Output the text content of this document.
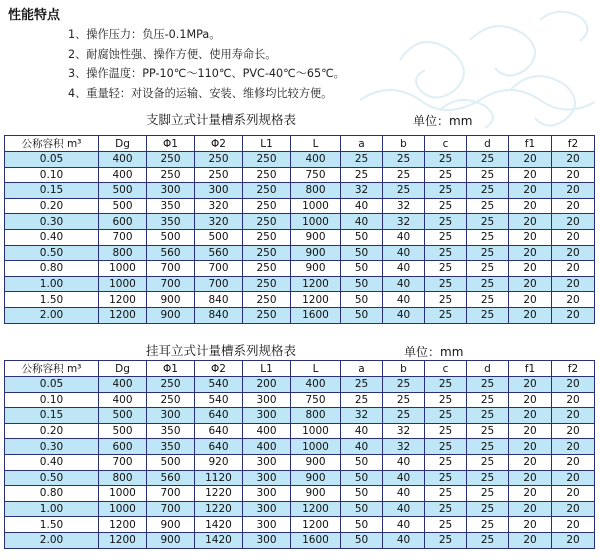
性能特点
1、操作压力：负压-0.1MPa。
2、耐腐蚀性强、操作方便、使用寿命长。
3、操作温度：PP-10℃～110℃、PVC-40℃～65℃。
4、重量轻：对设备的运输、安装、维修均比较方便。
支脚立式计量槽系列规格表	单位：mm
公称容积 m³	Dg	Φ1	Φ2	L1	L	a	b	c	d	f1	f2
0.05	400	250	250	250	400	25	25	25	25	20	20
0.10	400	250	250	250	750	25	25	25	25	20	20
0.15	500	300	300	250	800	32	25	25	25	20	20
0.20	500	350	320	250	1000	40	32	25	25	20	20
0.30	600	350	320	250	1000	40	32	25	25	20	20
0.40	700	500	500	250	900	50	40	25	25	20	20
0.50	800	560	560	250	900	50	40	25	25	20	20
0.80	1000	700	700	250	900	50	40	25	25	20	20
1.00	1000	700	700	250	1200	50	40	25	25	20	20
1.50	1200	900	840	250	1200	50	40	25	25	20	20
2.00	1200	900	840	250	1600	50	40	25	25	20	20
挂耳立式计量槽系列规格表	单位：mm
公称容积 m³	Dg	Φ1	Φ2	L1	L	a	b	c	d	f1	f2
0.05	400	250	540	200	400	25	25	25	25	20	20
0.10	400	250	540	300	750	25	25	25	25	20	20
0.15	500	300	640	300	800	32	25	25	25	20	20
0.20	500	350	640	400	1000	40	32	25	25	20	20
0.30	600	350	640	400	1000	40	32	25	25	20	20
0.40	700	500	920	300	900	50	40	25	25	20	20
0.50	800	560	1120	300	900	50	40	25	25	20	20
0.80	1000	700	1220	300	900	50	40	25	25	20	20
1.00	1000	700	1220	300	1200	50	40	25	25	20	20
1.50	1200	900	1420	300	1200	50	40	25	25	20	20
2.00	1200	900	1420	300	1600	50	40	25	25	20	20
